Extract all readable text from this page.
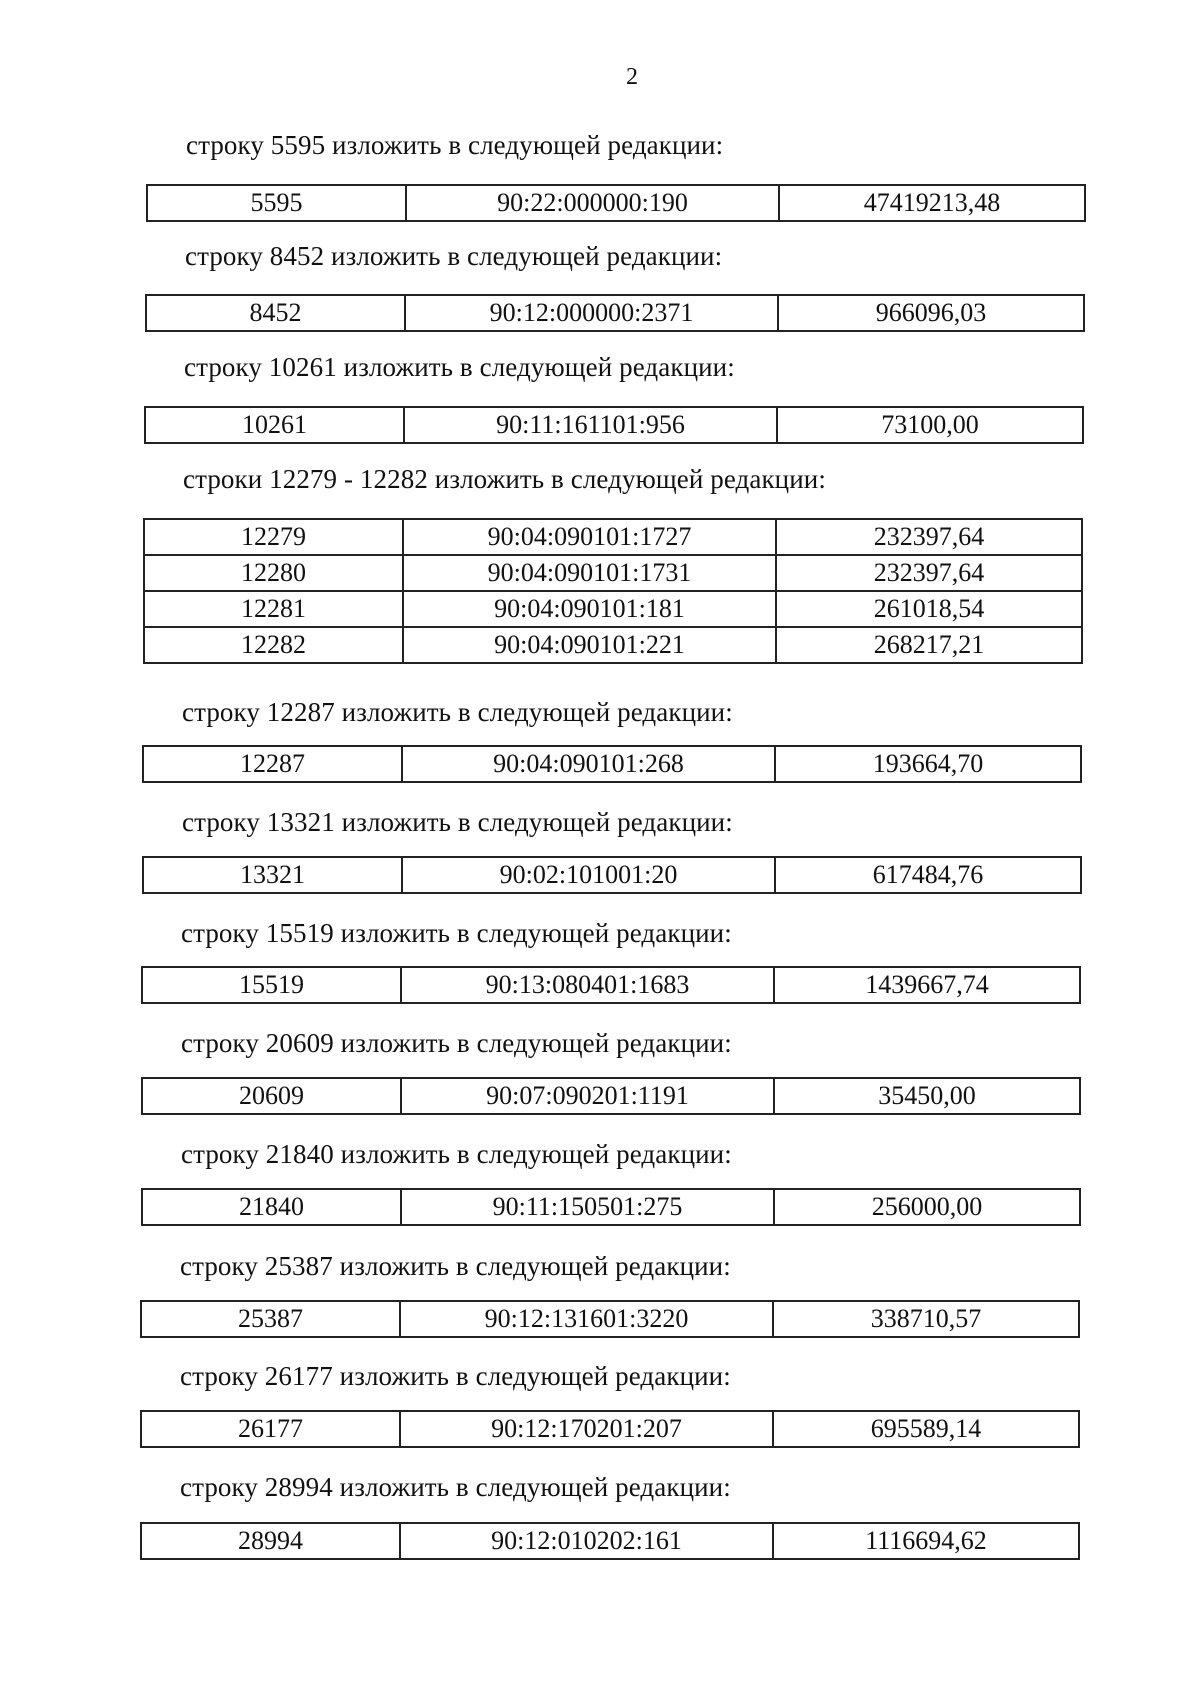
2
строку 5595 изложить в следующей редакции:
5595	90:22:000000:190	47419213,48
строку 8452 изложить в следующей редакции:
8452	90:12:000000:2371	966096,03
строку 10261 изложить в следующей редакции:
10261	90:11:161101:956	73100,00
строки 12279 - 12282 изложить в следующей редакции:
12279	90:04:090101:1727	232397,64
12280	90:04:090101:1731	232397,64
12281	90:04:090101:181	261018,54
12282	90:04:090101:221	268217,21
строку 12287 изложить в следующей редакции:
12287	90:04:090101:268	193664,70
строку 13321 изложить в следующей редакции:
13321	90:02:101001:20	617484,76
строку 15519 изложить в следующей редакции:
15519	90:13:080401:1683	1439667,74
строку 20609 изложить в следующей редакции:
20609	90:07:090201:1191	35450,00
строку 21840 изложить в следующей редакции:
21840	90:11:150501:275	256000,00
строку 25387 изложить в следующей редакции:
25387	90:12:131601:3220	338710,57
строку 26177 изложить в следующей редакции:
26177	90:12:170201:207	695589,14
строку 28994 изложить в следующей редакции:
28994	90:12:010202:161	1116694,62
